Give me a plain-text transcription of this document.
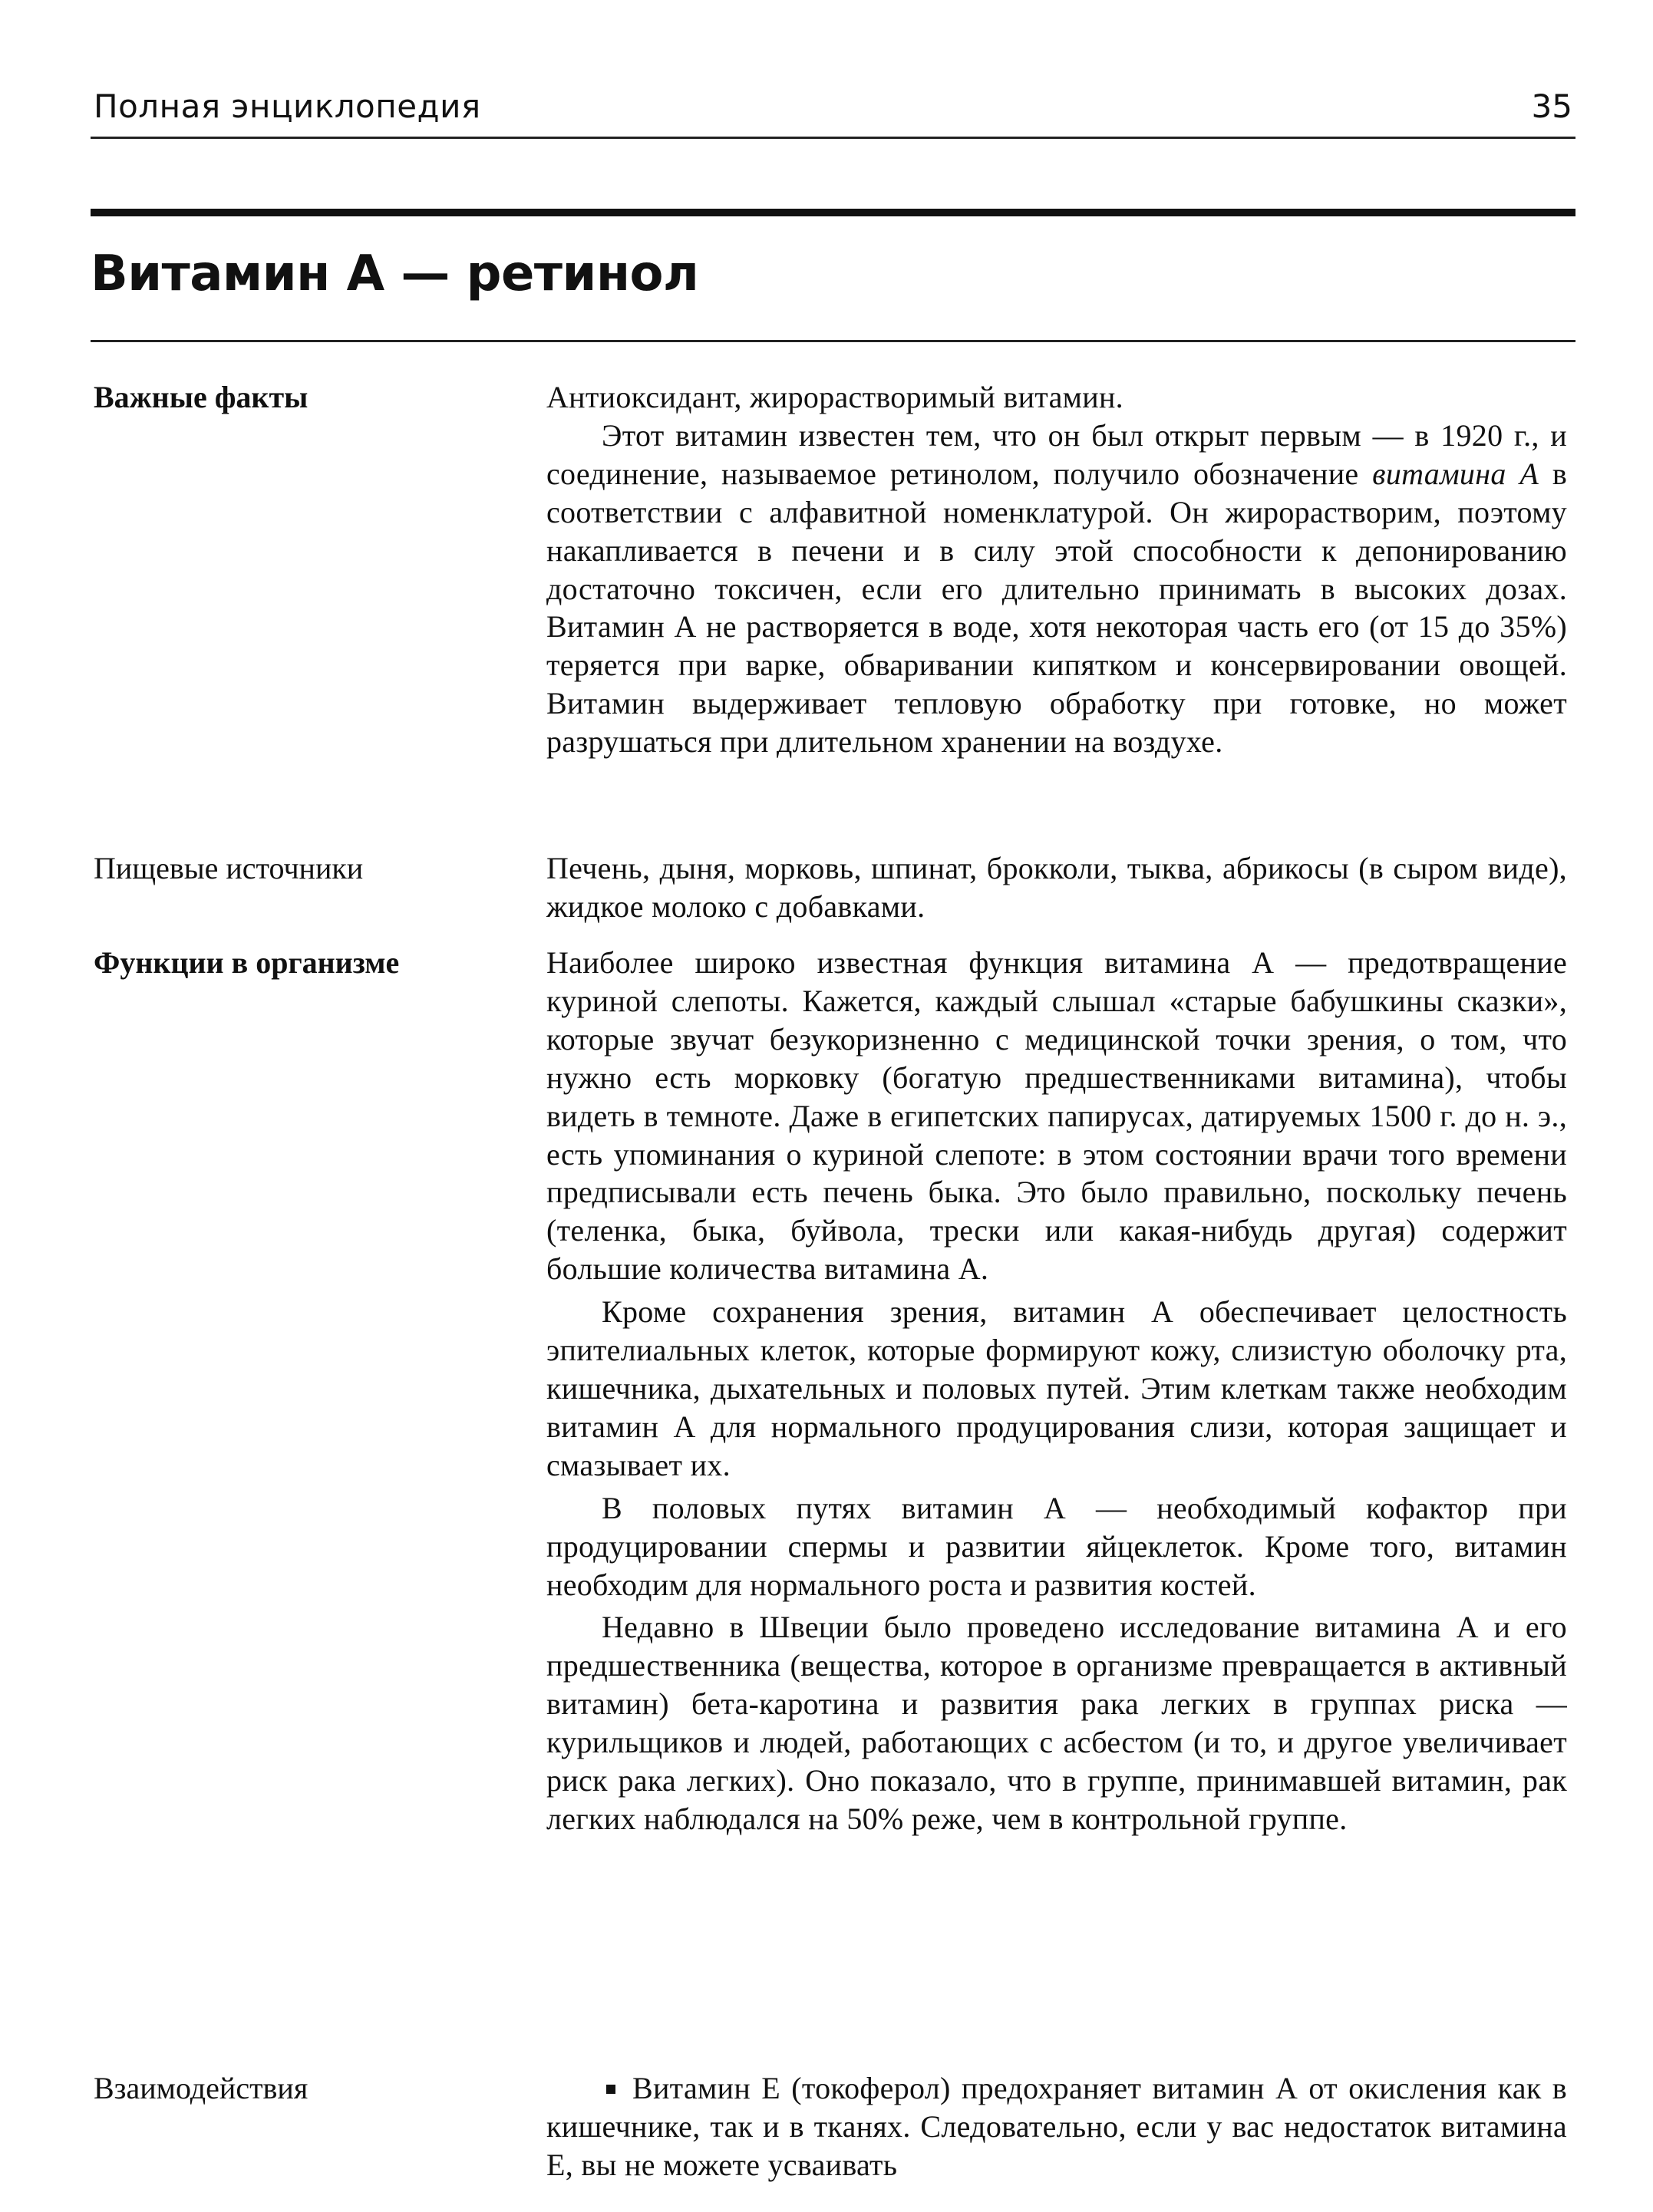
Полная энциклопедия	35
Витамин А — ретинол
Важные факты	Антиоксидант, жирорастворимый витамин.

Этот витамин известен тем, что он был открыт первым — в 1920 г., и соединение, называемое ретинолом, получило обозначение витамина А в соответствии с алфавитной номенклатурой. Он жирорастворим, поэтому накапливается в печени и в силу этой способности к депонированию достаточно токсичен, если его длительно принимать в высоких дозах. Витамин А не растворяется в воде, хотя некоторая часть его (от 15 до 35%) теряется при варке, обваривании кипятком и консервировании овощей. Витамин выдерживает тепловую обработку при готовке, но может разрушаться при длительном хранении на воздухе.

Пищевые источники	Печень, дыня, морковь, шпинат, брокколи, тыква, абрикосы (в сыром виде), жидкое молоко с добавками.

Функции в организме	Наиболее широко известная функция витамина А — предотвращение куриной слепоты. Кажется, каждый слышал «старые бабушкины сказки», которые звучат безукоризненно с медицинской точки зрения, о том, что нужно есть морковку (богатую предшественниками витамина), чтобы видеть в темноте. Даже в египетских папирусах, датируемых 1500 г. до н. э., есть упоминания о куриной слепоте: в этом состоянии врачи того времени предписывали есть печень быка. Это было правильно, поскольку печень (теленка, быка, буйвола, трески или какая-нибудь другая) содержит большие количества витамина А.

Кроме сохранения зрения, витамин А обеспечивает целостность эпителиальных клеток, которые формируют кожу, слизистую оболочку рта, кишечника, дыхательных и половых путей. Этим клеткам также необходим витамин А для нормального продуцирования слизи, которая защищает и смазывает их.

В половых путях витамин А — необходимый кофактор при продуцировании спермы и развитии яйцеклеток. Кроме того, витамин необходим для нормального роста и развития костей.

Недавно в Швеции было проведено исследование витамина А и его предшественника (вещества, которое в организме превращается в активный витамин) бета-каротина и развития рака легких в группах риска — курильщиков и людей, работающих с асбестом (и то, и другое увеличивает риск рака легких). Оно показало, что в группе, принимавшей витамин, рак легких наблюдался на 50% реже, чем в контрольной группе.

Взаимодействия	Витамин Е (токоферол) предохраняет витамин А от окисления как в кишечнике, так и в тканях. Следовательно, если у вас недостаток витамина Е, вы не можете усваивать
